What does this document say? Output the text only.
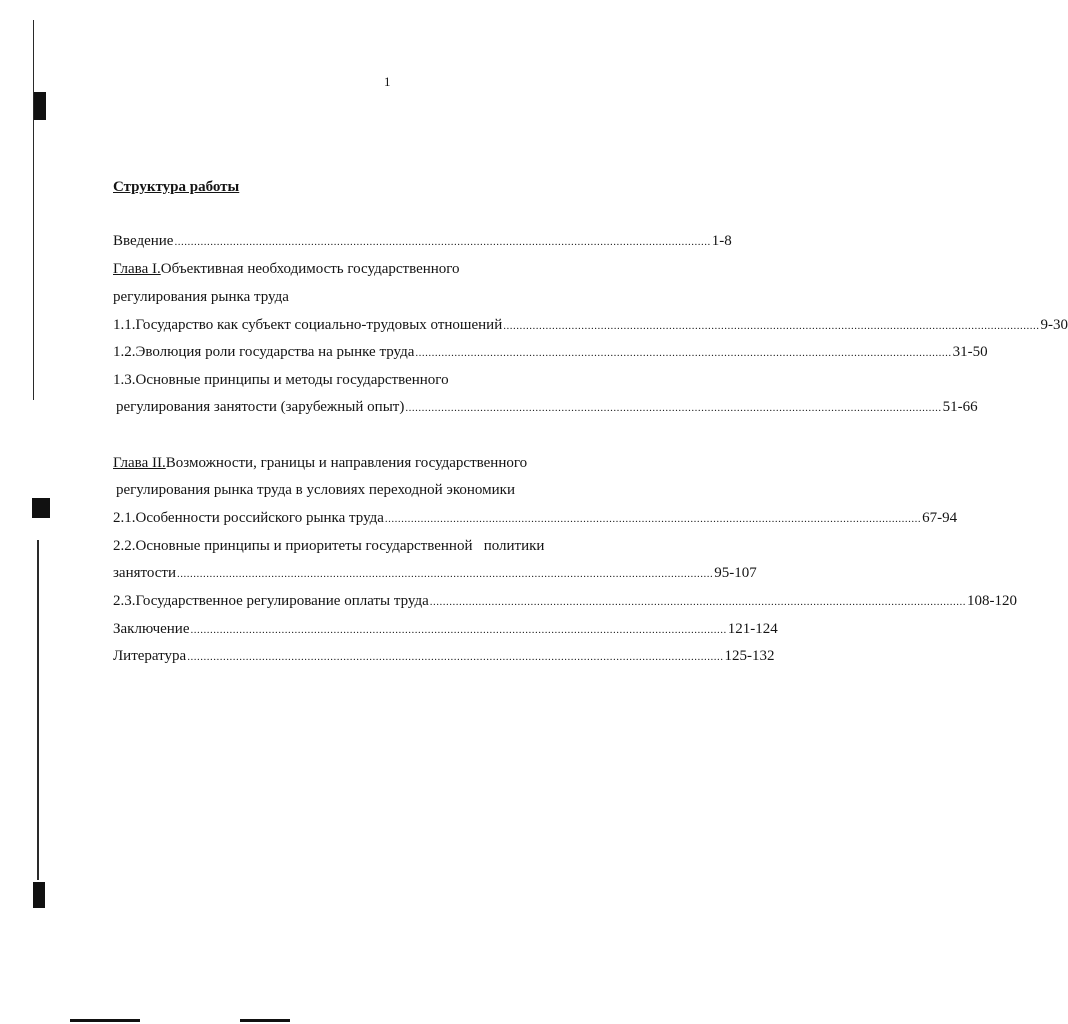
1
Структура работы
Введение ..................................................................................................................................................................... 1-8
Глава I. Объективная необходимость государственного
регулирования рынка труда
1.1.Государство как субъект социально-трудовых отношений ..................................................................................................................................................................... 9-30
1.2.Эволюция роли государства на рынке труда ..................................................................................................................................................................... 31-50
1.3.Основные принципы и методы государственного
регулирования занятости (зарубежный опыт) ..................................................................................................................................................................... 51-66
Глава II. Возможности, границы и направления государственного
регулирования рынка труда в условиях переходной экономики
2.1.Особенности российского рынка труда ..................................................................................................................................................................... 67-94
2.2.Основные принципы и приоритеты государственной   политики
занятости ..................................................................................................................................................................... 95-107
2.3.Государственное регулирование оплаты труда ..................................................................................................................................................................... 108-120
Заключение ..................................................................................................................................................................... 121-124
Литература ..................................................................................................................................................................... 125-132
